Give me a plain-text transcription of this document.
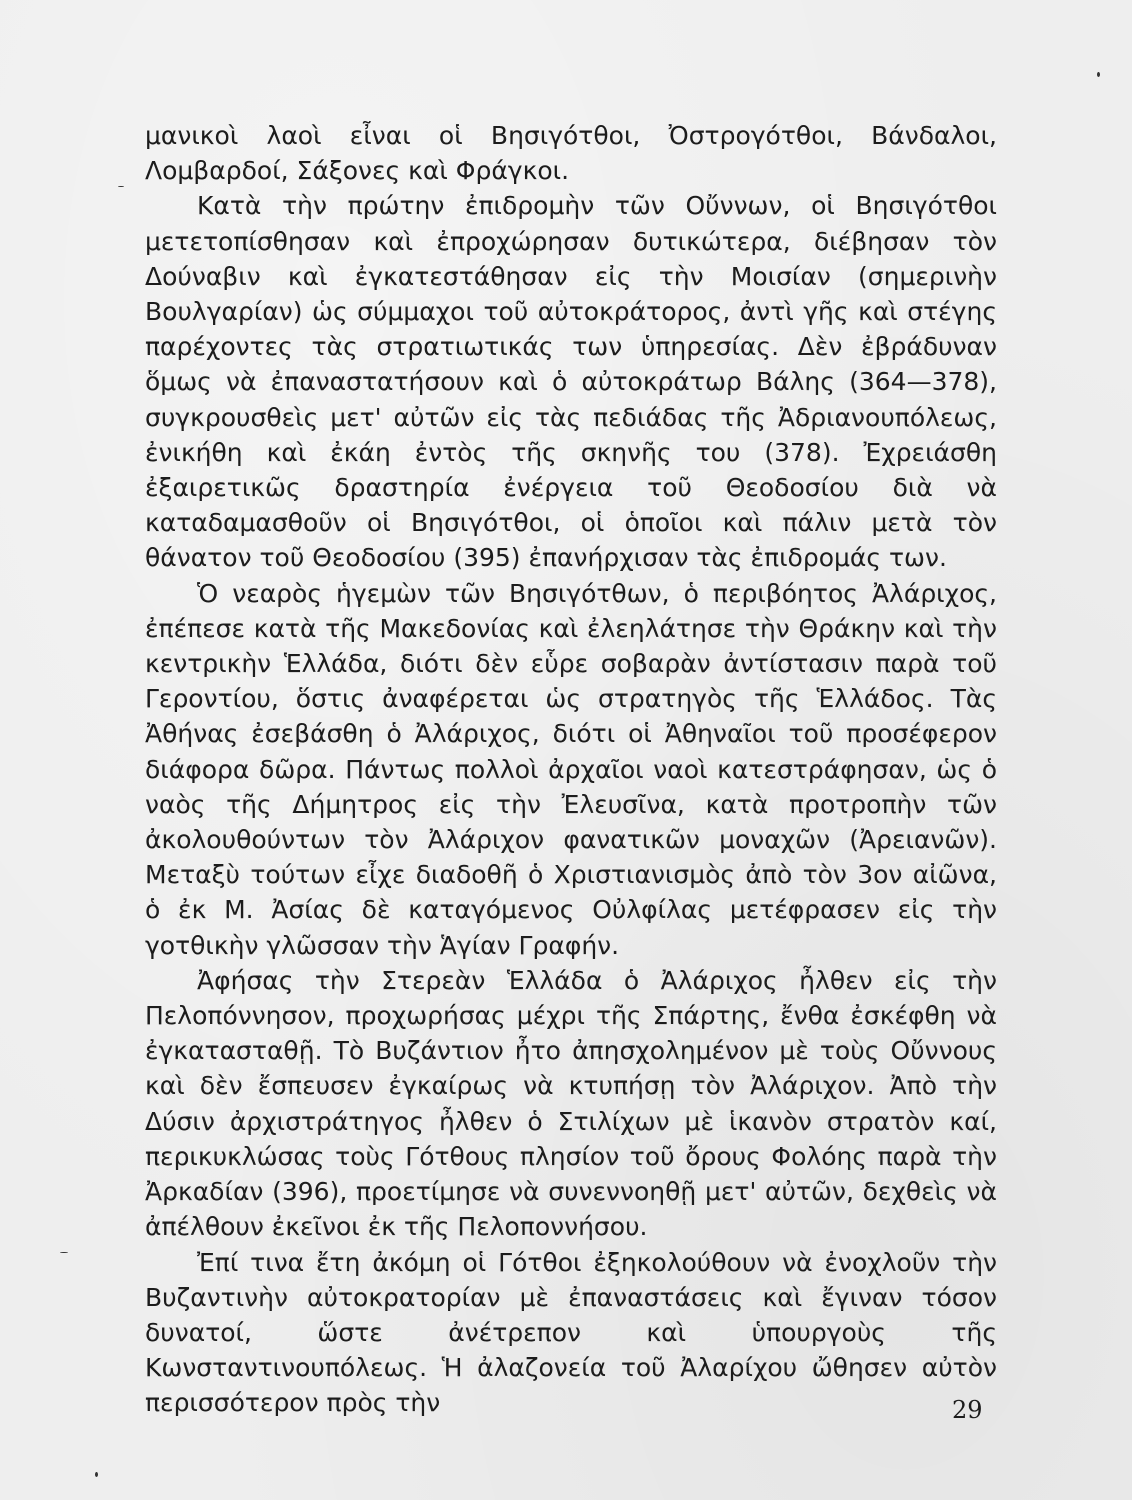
μανικοὶ λαοὶ εἶναι οἱ Βησιγότθοι, Ὀστρογότθοι, Βάνδαλοι, Λομβαρδοί, Σάξονες καὶ Φράγκοι.

Κατὰ τὴν πρώτην ἐπιδρομὴν τῶν Οὔννων, οἱ Βησιγότθοι μετετοπίσθησαν καὶ ἐπροχώρησαν δυτικώτερα, διέβησαν τὸν Δούναβιν καὶ ἐγκατεστάθησαν εἰς τὴν Μοισίαν (σημερινὴν Βουλγαρίαν) ὡς σύμμαχοι τοῦ αὐτοκράτορος, ἀντὶ γῆς καὶ στέγης παρέχοντες τὰς στρατιωτικάς των ὑπηρεσίας. Δὲν ἐβράδυναν ὅμως νὰ ἐπαναστατήσουν καὶ ὁ αὐτοκράτωρ Βάλης (364—378), συγκρουσθεὶς μετ' αὐτῶν εἰς τὰς πεδιάδας τῆς Ἀδριανουπόλεως, ἐνικήθη καὶ ἐκάη ἐντὸς τῆς σκηνῆς του (378). Ἐχρειάσθη ἐξαιρετικῶς δραστηρία ἐνέργεια τοῦ Θεοδοσίου διὰ νὰ καταδαμασθοῦν οἱ Βησιγότθοι, οἱ ὁποῖοι καὶ πάλιν μετὰ τὸν θάνατον τοῦ Θεοδοσίου (395) ἐπανήρχισαν τὰς ἐπιδρομάς των.

Ὁ νεαρὸς ἡγεμὼν τῶν Βησιγότθων, ὁ περιβόητος Ἀλάριχος, ἐπέπεσε κατὰ τῆς Μακεδονίας καὶ ἐλεηλάτησε τὴν Θράκην καὶ τὴν κεντρικὴν Ἑλλάδα, διότι δὲν εὗρε σοβαρὰν ἀντίστασιν παρὰ τοῦ Γεροντίου, ὅστις ἀναφέρεται ὡς στρατηγὸς τῆς Ἑλλάδος. Τὰς Ἀθήνας ἐσεβάσθη ὁ Ἀλάριχος, διότι οἱ Ἀθηναῖοι τοῦ προσέφερον διάφορα δῶρα. Πάντως πολλοὶ ἀρχαῖοι ναοὶ κατεστράφησαν, ὡς ὁ ναὸς τῆς Δήμητρος εἰς τὴν Ἐλευσῖνα, κατὰ προτροπὴν τῶν ἀκολουθούντων τὸν Ἀλάριχον φανατικῶν μοναχῶν (Ἀρειανῶν). Μεταξὺ τούτων εἶχε διαδοθῆ ὁ Χριστιανισμὸς ἀπὸ τὸν 3ον αἰῶνα, ὁ ἐκ Μ. Ἀσίας δὲ καταγόμενος Οὐλφίλας μετέφρασεν εἰς τὴν γοτθικὴν γλῶσσαν τὴν Ἁγίαν Γραφήν.

Ἀφήσας τὴν Στερεὰν Ἑλλάδα ὁ Ἀλάριχος ἦλθεν εἰς τὴν Πελοπόννησον, προχωρήσας μέχρι τῆς Σπάρτης, ἔνθα ἐσκέφθη νὰ ἐγκατασταθῇ. Τὸ Βυζάντιον ἦτο ἀπησχολημένον μὲ τοὺς Οὔννους καὶ δὲν ἔσπευσεν ἐγκαίρως νὰ κτυπήσῃ τὸν Ἀλάριχον. Ἀπὸ τὴν Δύσιν ἀρχιστράτηγος ἦλθεν ὁ Στιλίχων μὲ ἱκανὸν στρατὸν καί, περικυκλώσας τοὺς Γότθους πλησίον τοῦ ὄρους Φολόης παρὰ τὴν Ἀρκαδίαν (396), προετίμησε νὰ συνεννοηθῇ μετ' αὐτῶν, δεχθεὶς νὰ ἀπέλθουν ἐκεῖνοι ἐκ τῆς Πελοποννήσου.

Ἐπί τινα ἔτη ἀκόμη οἱ Γότθοι ἐξηκολούθουν νὰ ἐνοχλοῦν τὴν Βυζαντινὴν αὐτοκρατορίαν μὲ ἐπαναστάσεις καὶ ἔγιναν τόσον δυνατοί, ὥστε ἀνέτρεπον καὶ ὑπουργοὺς τῆς Κωνσταντινουπόλεως. Ἡ ἀλαζονεία τοῦ Ἀλαρίχου ὤθησεν αὐτὸν περισσότερον πρὸς τὴν	29
